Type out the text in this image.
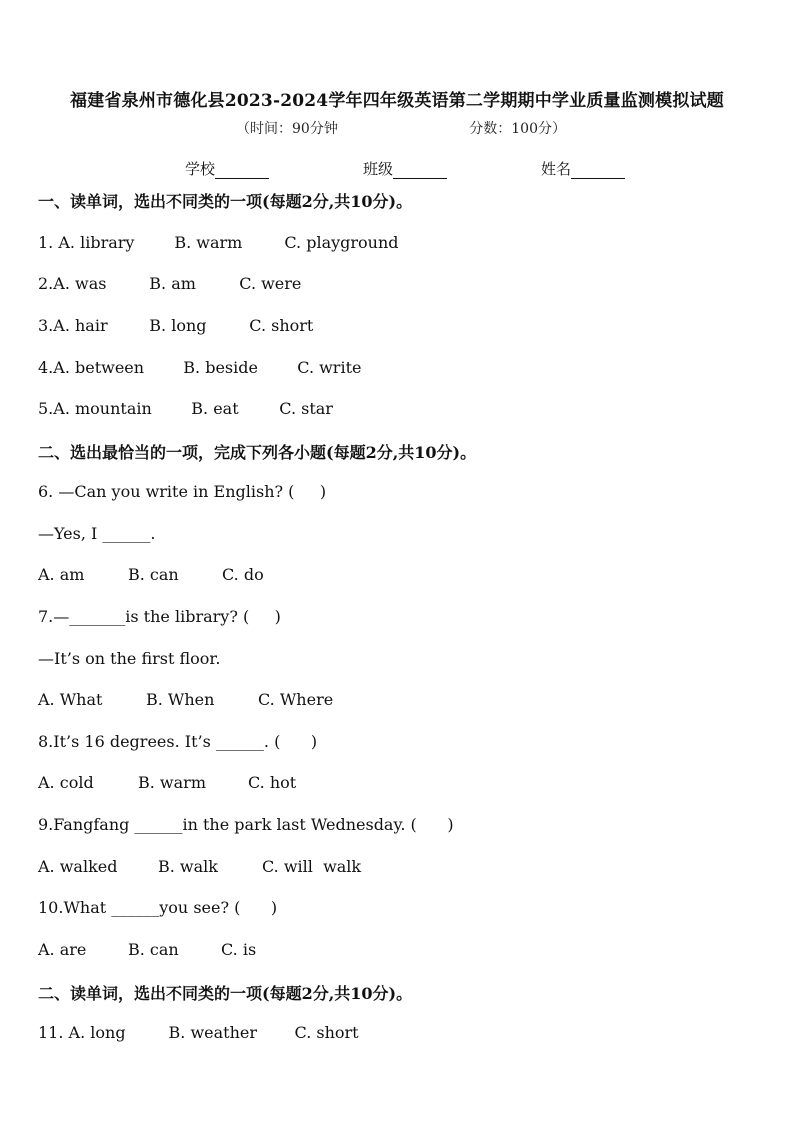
福建省泉州市德化县2023-2024学年四年级英语第二学期期中学业质量监测模拟试题
（时间：90分钟	分数：100分）
学校	班级	姓名
一、读单词，选出不同类的一项(每题2分,共10分)。
1. A. library B. warm	C. playground
2.A. was	B. am	C. were
3.A. hair	B. long	C. short
4.A. between B. beside C. write
5.A. mountain B. eat	C. star
二、选出最恰当的一项，完成下列各小题(每题2分,共10分)。
6. —Can you write in English? (     )
—Yes, I ______.
A. am	B. can	C. do
7.—_______is the library? (     )
—It’s on the first floor.
A. What	B. When	C. Where
8.It’s 16 degrees. It’s ______. (      )
A. cold	B. warm	C. hot
9.Fangfang ______in the park last Wednesday. (      )
A. walked	B. walk	C. will  walk
10.What ______you see? (      )
A. are	B. can	C. is
二、读单词，选出不同类的一项(每题2分,共10分)。
11. A. long	B. weather C. short
